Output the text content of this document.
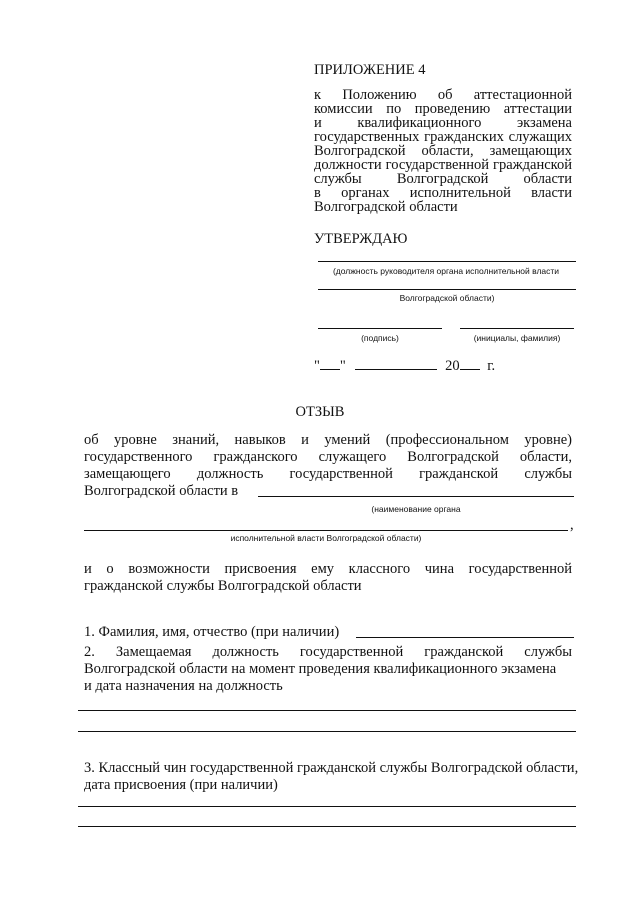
ПРИЛОЖЕНИЕ 4
к Положению об аттестационной
комиссии по проведению аттестации
и квалификационного экзамена
государственных гражданских служащих
Волгоградской области, замещающих
должности государственной гражданской
службы Волгоградской области
в органах исполнительной власти
Волгоградской области
УТВЕРЖДАЮ
(должность руководителя органа исполнительной власти
Волгоградской области)
(подпись)	(инициалы, фамилия)
" "	20 г.
ОТЗЫВ
об уровне знаний, навыков и умений (профессиональном уровне)
государственного гражданского служащего Волгоградской области,
замещающего должность государственной гражданской службы
Волгоградской области в
(наименование органа
,
исполнительной власти Волгоградской области)
и о возможности присвоения ему классного чина государственной
гражданской службы Волгоградской области
1. Фамилия, имя, отчество (при наличии)
2. Замещаемая должность государственной гражданской службы
Волгоградской области на момент проведения квалификационного экзамена
и дата назначения на должность
3. Классный чин государственной гражданской службы Волгоградской области,
дата присвоения (при наличии)
